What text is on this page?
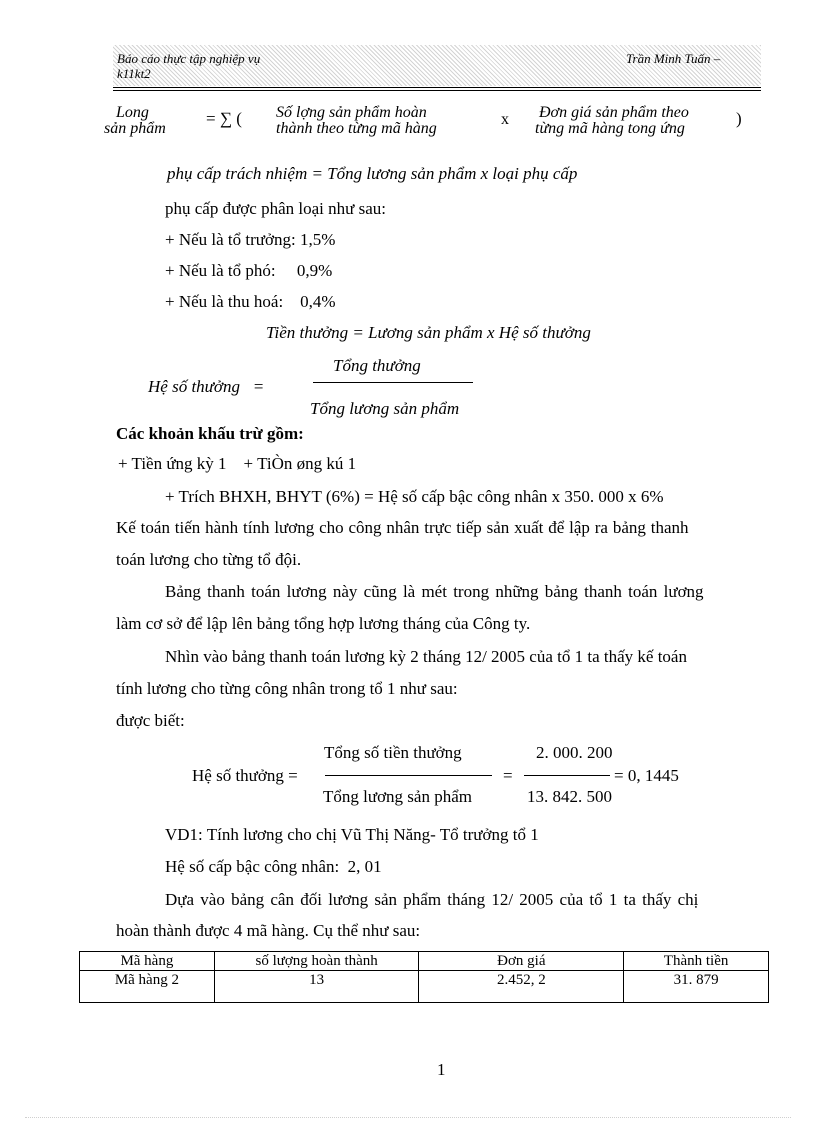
Báo cáo thực tập nghiệp vụ
k11kt2
Trần Minh Tuấn –
Long
sản phẩm
= ∑ ( Số lợng sản phẩm hoàn
thành theo từng mã hàng
x Đơn giá sản phẩm theo
từng mã hàng tong ứng
)
phụ cấp trách nhiệm = Tổng lương sản phẩm x loại phụ cấp
phụ cấp được phân loại như sau:
+ Nếu là tổ trưởng: 1,5%
+ Nếu là tổ phó:     0,9%
+ Nếu là thu hoá:    0,4%
Tiền thưởng = Lương sản phẩm x Hệ số thưởng
Hệ số thưởng   =
Tổng thưởng
Tổng lương sản phẩm
Các khoản khấu trừ gồm:
+ Tiền ứng kỳ 1    + TiÒn øng kú 1
+ Trích BHXH, BHYT (6%) = Hệ số cấp bậc công nhân x 350. 000 x 6%
Kế toán tiến hành tính lương cho công nhân trực tiếp sản xuất để lập ra bảng thanh
toán lương cho từng tổ đội.
Bảng thanh toán lương này cũng là mét trong những bảng thanh toán lương
làm cơ sở để lập lên bảng tổng hợp lương tháng của Công ty.
Nhìn vào bảng thanh toán lương kỳ 2 tháng 12/ 2005 của tổ 1 ta thấy kế toán
tính lương cho từng công nhân trong tổ 1 như sau:
được biết:
Hệ số thưởng =
Tổng số tiền thưởng
Tổng lương sản phẩm
=
2. 000. 200
13. 842. 500
= 0, 1445
VD1: Tính lương cho chị Vũ Thị Năng- Tổ trưởng tổ 1
Hệ số cấp bậc công nhân:  2, 01
Dựa vào bảng cân đối lương sản phẩm tháng 12/ 2005 của tổ 1 ta thấy chị
hoàn thành được 4 mã hàng. Cụ thể như sau:
Mã hàng	số lượng hoàn thành	Đơn giá	Thành tiền
Mã hàng 2	13	2.452, 2	31. 879
1
